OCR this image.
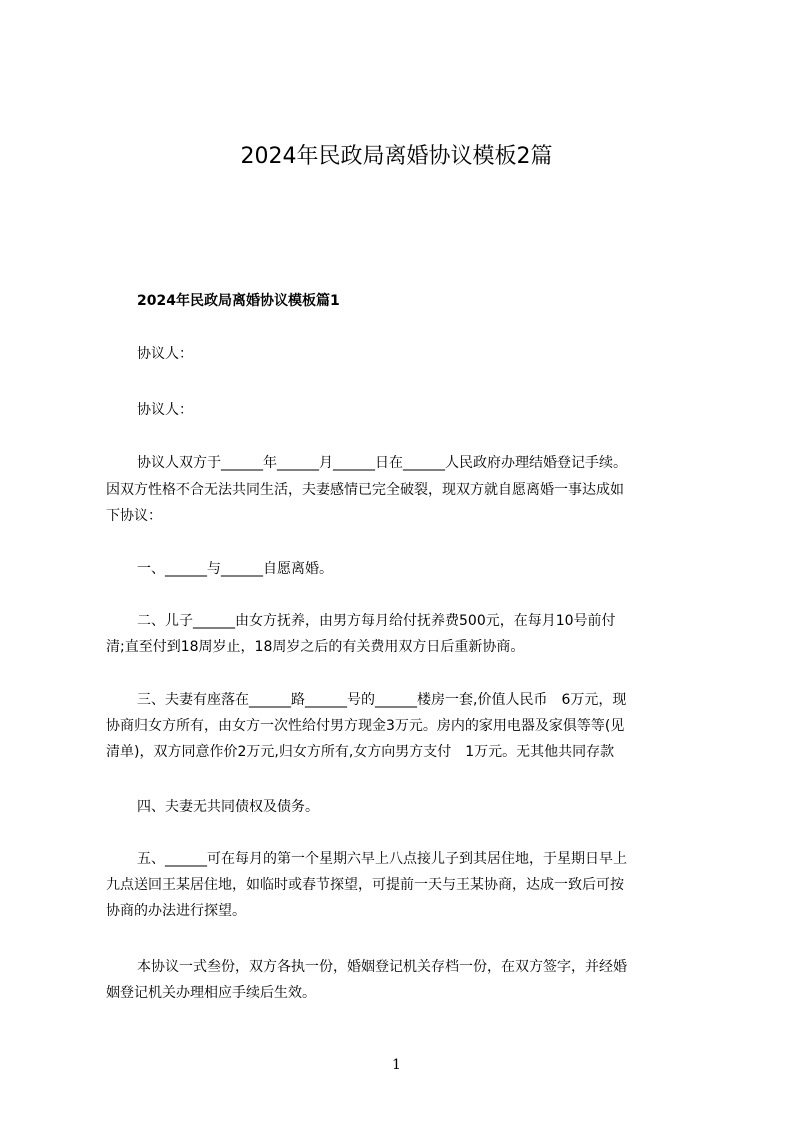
2024年民政局离婚协议模板2篇
2024年民政局离婚协议模板篇1
协议人：
协议人：
协议人双方于______年______月______日在______人民政府办理结婚登记手续。
因双方性格不合无法共同生活，夫妻感情已完全破裂，现双方就自愿离婚一事达成如
下协议：
一、______与______自愿离婚。
二、儿子______由女方抚养，由男方每月给付抚养费500元，在每月10号前付
清;直至付到18周岁止，18周岁之后的有关费用双方日后重新协商。
三、夫妻有座落在______路______号的______楼房一套,价值人民币　6万元，现
协商归女方所有，由女方一次性给付男方现金3万元。房内的家用电器及家俱等等(见
清单)，双方同意作价2万元,归女方所有,女方向男方支付　1万元。无其他共同存款
四、夫妻无共同债权及债务。
五、______可在每月的第一个星期六早上八点接儿子到其居住地，于星期日早上
九点送回王某居住地，如临时或春节探望，可提前一天与王某协商，达成一致后可按
协商的办法进行探望。
本协议一式叁份，双方各执一份，婚姻登记机关存档一份，在双方签字，并经婚
姻登记机关办理相应手续后生效。
1
